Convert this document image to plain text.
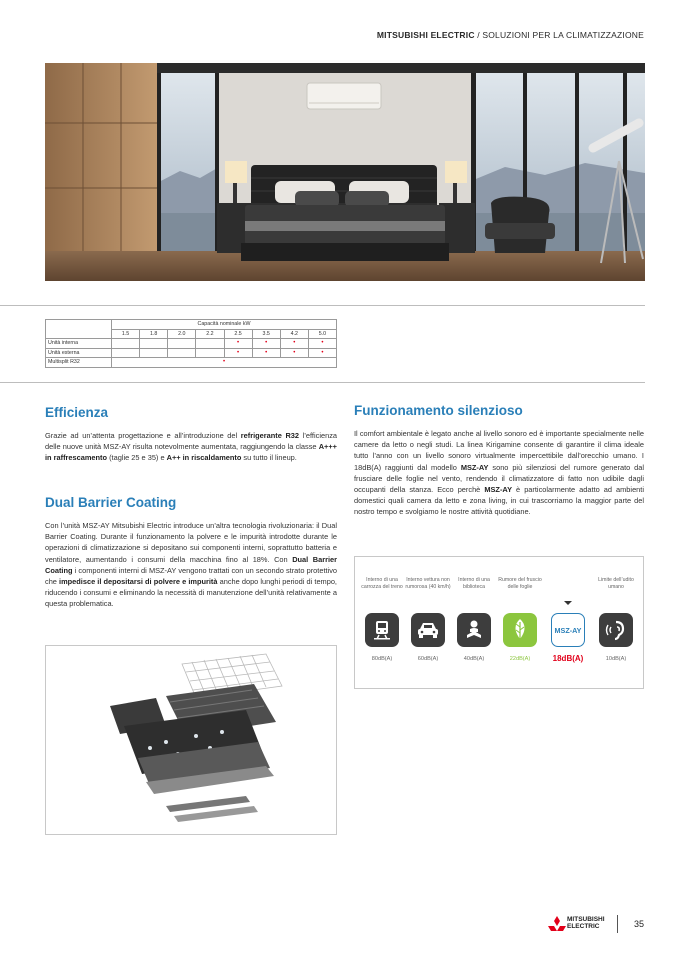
MITSUBISHI ELECTRIC / SOLUZIONI PER LA CLIMATIZZAZIONE
	Capacità nominale kW							
	1.5	1.8	2.0	2.2	2.5	3.5	4.2	5.0
Unità interna					•	•	•	•
Unità esterna					•	•	•	•
Multisplit R32	•							
Efficienza
Grazie ad un’attenta progettazione e all’introduzione del refrigerante R32 l’efficienza delle nuove unità MSZ-AY risulta notevolmente aumentata, raggiungendo la classe A+++ in raffrescamento (taglie 25 e 35) e A++ in riscaldamento su tutto il lineup.
Dual Barrier Coating
Con l’unità MSZ-AY Mitsubishi Electric introduce un’altra tecnologia rivoluzionaria: il Dual Barrier Coating. Durante il funzionamento la polvere e le impurità introdotte durante le operazioni di climatizzazione si depositano sui componenti interni, soprattutto batteria e ventilatore, aumentando i consumi della macchina fino al 18%. Con Dual Barrier Coating i componenti interni di MSZ-AY vengono trattati con un secondo strato protettivo che impedisce il depositarsi di polvere e impurità anche dopo lunghi periodi di tempo, riducendo i consumi e eliminando la necessità di manutenzione dell’unità relativamente a questa problematica.
Funzionamento silenzioso
Il comfort ambientale è legato anche al livello sonoro ed è importante specialmente nelle camere da letto o negli studi. La linea Kirigamine consente di garantire il clima ideale tutto l’anno con un livello sonoro virtualmente impercettibile dall’orecchio umano. I 18dB(A) raggiunti dal modello MSZ-AY sono più silenziosi del rumore generato dal frusciare delle foglie nel vento, rendendo il climatizzatore di fatto non udibile dagli occupanti della stanza. Ecco perchè MSZ-AY è particolarmente adatto ad ambienti domestici quali camera da letto e zona living, in cui trascorriamo la maggior parte del nostro tempo e svolgiamo le nostre attività quotidiane.
Interno di una carrozza del treno
80dB(A)
Interno vettura non rumorosa (40 km/h)
60dB(A)
Interno di una biblioteca
40dB(A)
Rumore del fruscio delle foglie
22dB(A)
MSZ-AY
18dB(A)
Limite dell’udito umano
10dB(A)
MITSUBISHI
ELECTRIC	35
